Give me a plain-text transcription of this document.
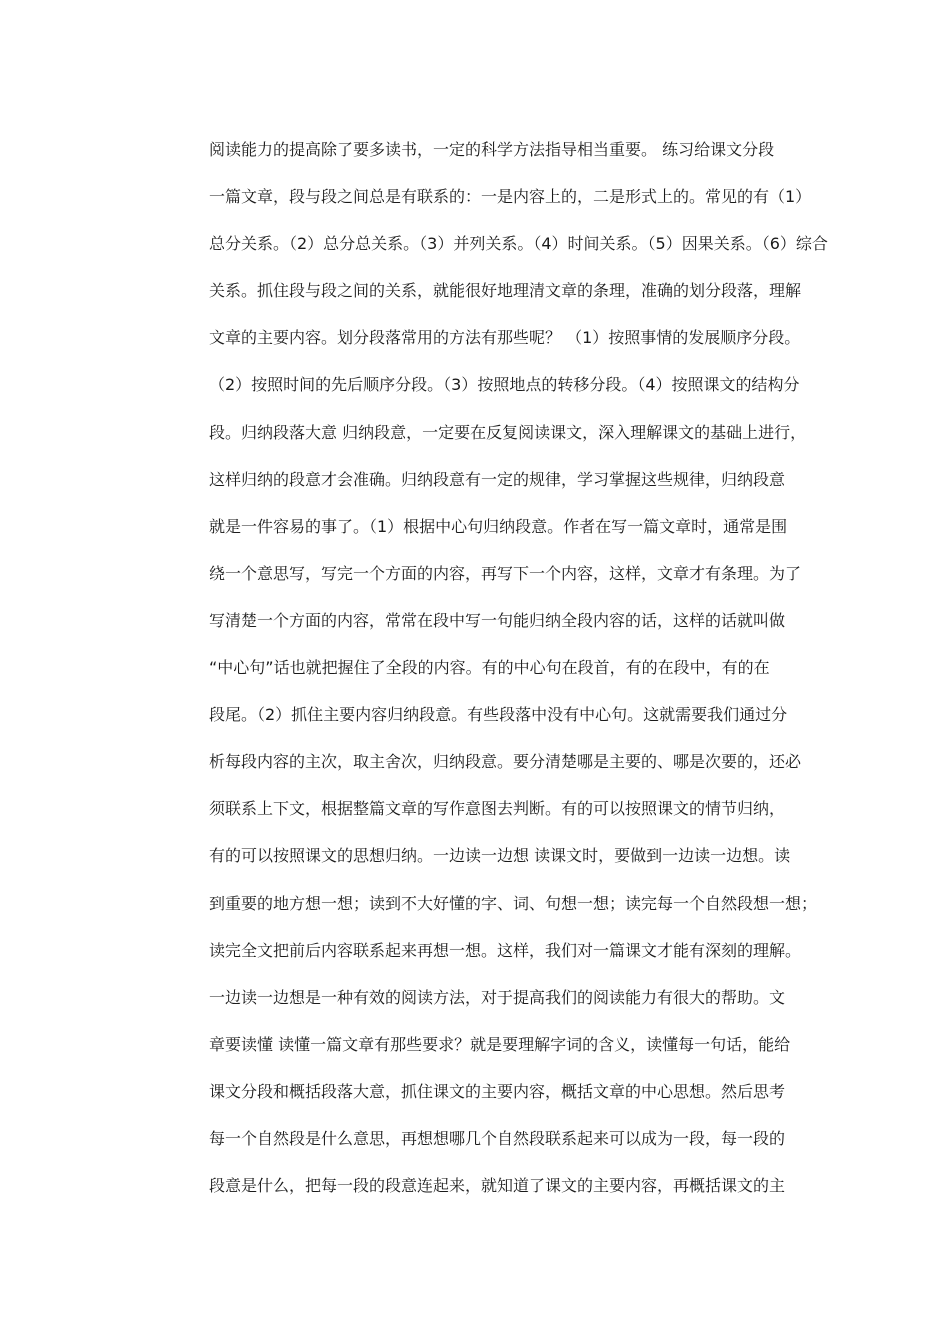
阅读能力的提高除了要多读书，一定的科学方法指导相当重要。 练习给课文分段
一篇文章，段与段之间总是有联系的：一是内容上的，二是形式上的。常见的有（1）
总分关系。（2）总分总关系。（3）并列关系。（4）时间关系。（5）因果关系。（6）综合
关系。抓住段与段之间的关系，就能很好地理清文章的条理，准确的划分段落，理解
文章的主要内容。划分段落常用的方法有那些呢？ （1）按照事情的发展顺序分段。
（2）按照时间的先后顺序分段。（3）按照地点的转移分段。（4）按照课文的结构分
段。归纳段落大意 归纳段意，一定要在反复阅读课文，深入理解课文的基础上进行，
这样归纳的段意才会准确。归纳段意有一定的规律，学习掌握这些规律，归纳段意
就是一件容易的事了。（1）根据中心句归纳段意。作者在写一篇文章时，通常是围
绕一个意思写，写完一个方面的内容，再写下一个内容，这样，文章才有条理。为了
写清楚一个方面的内容，常常在段中写一句能归纳全段内容的话，这样的话就叫做
“中心句”话也就把握住了全段的内容。有的中心句在段首，有的在段中，有的在
段尾。（2）抓住主要内容归纳段意。有些段落中没有中心句。这就需要我们通过分
析每段内容的主次，取主舍次，归纳段意。要分清楚哪是主要的、哪是次要的，还必
须联系上下文，根据整篇文章的写作意图去判断。有的可以按照课文的情节归纳，
有的可以按照课文的思想归纳。一边读一边想 读课文时，要做到一边读一边想。读
到重要的地方想一想；读到不大好懂的字、词、句想一想；读完每一个自然段想一想；
读完全文把前后内容联系起来再想一想。这样，我们对一篇课文才能有深刻的理解。
一边读一边想是一种有效的阅读方法，对于提高我们的阅读能力有很大的帮助。文
章要读懂 读懂一篇文章有那些要求？就是要理解字词的含义，读懂每一句话，能给
课文分段和概括段落大意，抓住课文的主要内容，概括文章的中心思想。然后思考
每一个自然段是什么意思，再想想哪几个自然段联系起来可以成为一段，每一段的
段意是什么，把每一段的段意连起来，就知道了课文的主要内容，再概括课文的主
